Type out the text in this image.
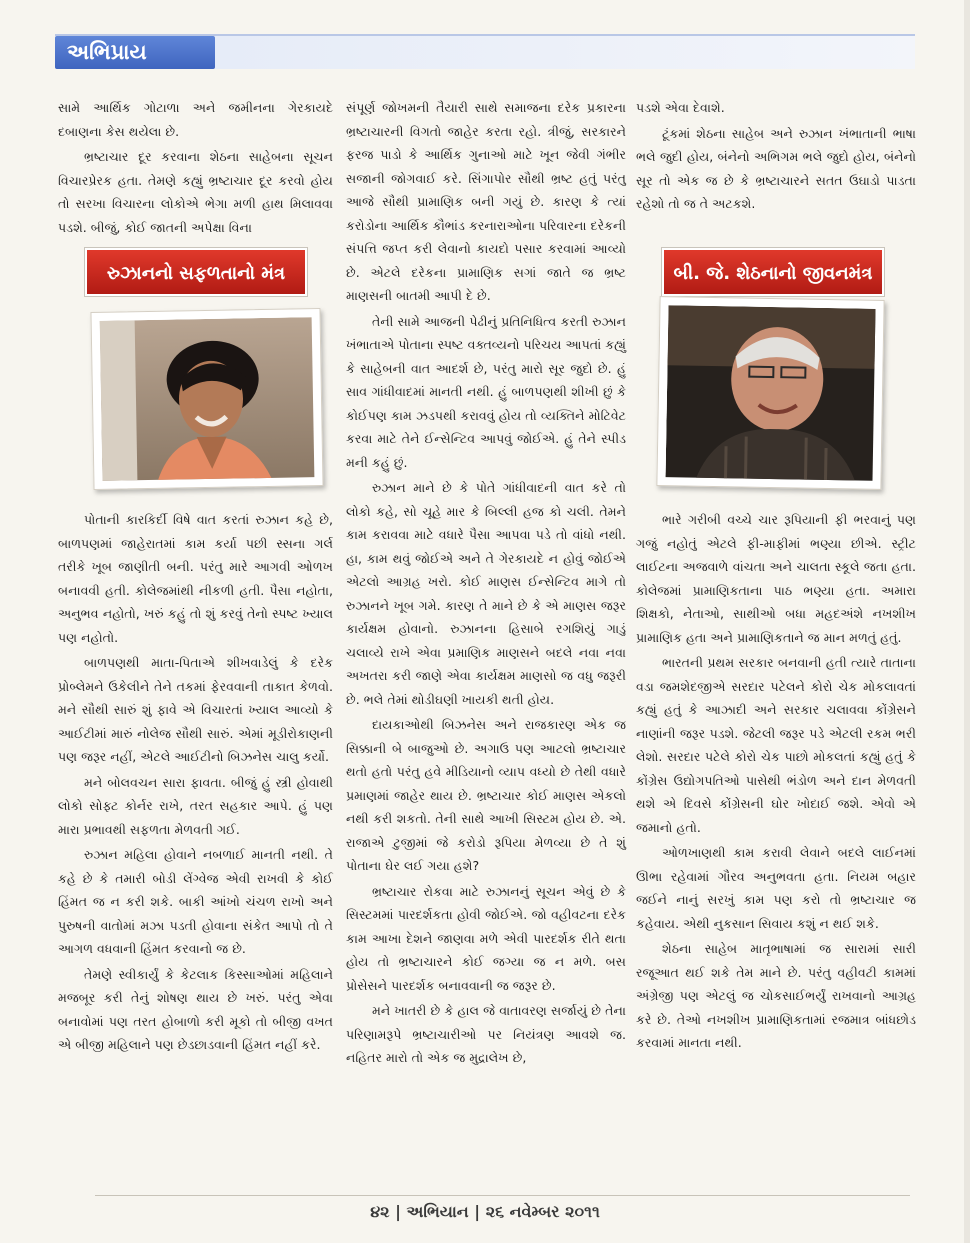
અભિપ્રાય

સામે આર્થિક ગોટાળા અને જમીનના ગેરકાયદે દબાણના કેસ થયેલા છે.

ભ્રષ્ટાચાર દૂર કરવાના શેઠના સાહેબના સૂચન વિચારપ્રેરક હતા. તેમણે કહ્યું ભ્રષ્ટાચાર દૂર કરવો હોય તો સરખા વિચારના લોકોએ ભેગા મળી હાથ મિલાવવા પડશે. બીજું, કોઈ જાતની અપેક્ષા વિના

રુઝાનનો સફળતાનો મંત્ર

પોતાની કારકિર્દી વિષે વાત કરતાં રુઝાન કહે છે, બાળપણમાં જાહેરાતમાં કામ કર્યા પછી સ્સના ગર્લ તરીકે ખૂબ જાણીતી બની. પરંતુ મારે આગવી ઓળખ બનાવવી હતી. કોલેજમાંથી નીકળી હતી. પૈસા નહોતા, અનુભવ નહોતો, ખરું કહું તો શું કરવું તેનો સ્પષ્ટ ખ્યાલ પણ નહોતો.

બાળપણથી માતા-પિતાએ શીખવાડેલું કે દરેક પ્રોબ્લેમને ઉકેલીને તેને તકમાં ફેરવવાની તાકાત કેળવો. મને સૌથી સારું શું ફાવે એ વિચારતાં ખ્યાલ આવ્યો કે આઈટીમાં મારું નોલેજ સૌથી સારું. એમાં મૂડીરોકાણની પણ જરૂર નહીં, એટલે આઈટીનો બિઝનેસ ચાલુ કર્યો.

મને બોલવચન સારા ફાવતા. બીજું હું સ્ત્રી હોવાથી લોકો સોફ્ટ કોર્નર રાખે, તરત સહકાર આપે. હું પણ મારા પ્રભાવથી સફળતા મેળવતી ગઈ.

રુઝાન મહિલા હોવાને નબળાઈ માનતી નથી. તે કહે છે કે તમારી બોડી લેંગ્વેજ એવી રાખવી કે કોઈ હિંમત જ ન કરી શકે. બાકી આંખો ચંચળ રાખો અને પુરુષની વાતોમાં મઝા પડતી હોવાના સંકેત આપો તો તે આગળ વધવાની હિંમત કરવાનો જ છે.

તેમણે સ્વીકાર્યું કે કેટલાક કિસ્સાઓમાં મહિલાને મજબૂર કરી તેનું શોષણ થાય છે ખરું. પરંતુ એવા બનાવોમાં પણ તરત હોબાળો કરી મૂકો તો બીજી વખત એ બીજી મહિલાને પણ છેડછાડવાની હિંમત નહીં કરે.

સંપૂર્ણ જોખમની તૈયારી સાથે સમાજના દરેક પ્રકારના ભ્રષ્ટાચારની વિગતો જાહેર કરતા રહો. ત્રીજું, સરકારને ફરજ પાડો કે આર્થિક ગુનાઓ માટે ખૂન જેવી ગંભીર સજાની જોગવાઈ કરે. સિંગાપોર સૌથી ભ્રષ્ટ હતું પરંતુ આજે સૌથી પ્રામાણિક બની ગયું છે. કારણ કે ત્યાં કરોડોના આર્થિક કૌભાંડ કરનારાઓના પરિવારના દરેકની સંપત્તિ જપ્ત કરી લેવાનો કાયદો પસાર કરવામાં આવ્યો છે. એટલે દરેકના પ્રામાણિક સગાં જાતે જ ભ્રષ્ટ માણસની બાતમી આપી દે છે.

તેની સામે આજની પેઢીનું પ્રતિનિધિત્વ કરતી રુઝાન ખંભાતાએ પોતાના સ્પષ્ટ વક્તવ્યનો પરિચય આપતાં કહ્યું કે સાહેબની વાત આદર્શ છે, પરંતુ મારો સૂર જુદો છે. હું સાવ ગાંધીવાદમાં માનતી નથી. હું બાળપણથી શીખી છું કે કોઈપણ કામ ઝડપથી કરાવવું હોય તો વ્યક્તિને મોટિવેટ કરવા માટે તેને ઈન્સેન્ટિવ આપવું જોઈએ. હું તેને સ્પીડ મની કહું છું.

રુઝાન માને છે કે પોતે ગાંધીવાદની વાત કરે તો લોકો કહે, સો ચૂહે માર કે બિલ્લી હજ કો ચલી. તેમને કામ કરાવવા માટે વધારે પૈસા આપવા પડે તો વાંધો નથી. હા, કામ થવું જોઈએ અને તે ગેરકાયદે ન હોવું જોઈએ એટલો આગ્રહ ખરો. કોઈ માણસ ઈન્સેન્ટિવ માગે તો રુઝાનને ખૂબ ગમે. કારણ તે માને છે કે એ માણસ જરૂર કાર્યક્ષમ હોવાનો. રુઝાનના હિસાબે રગશિયું ગાડું ચલાવ્યે રાખે એવા પ્રમાણિક માણસને બદલે નવા નવા અખતરા કરી જાણે એવા કાર્યક્ષમ માણસો જ વધુ જરૂરી છે. ભલે તેમાં થોડીઘણી ખાયકી થતી હોય.

દાયકાઓથી બિઝનેસ અને રાજકારણ એક જ સિક્કાની બે બાજુઓ છે. અગાઉ પણ આટલો ભ્રષ્ટાચાર થતો હતો પરંતુ હવે મીડિયાનો વ્યાપ વધ્યો છે તેથી વધારે પ્રમાણમાં જાહેર થાય છે. ભ્રષ્ટાચાર કોઈ માણસ એકલો નથી કરી શકતો. તેની સાથે આખી સિસ્ટમ હોય છે. એ. રાજાએ ટુજીમાં જે કરોડો રૂપિયા મેળવ્યા છે તે શું પોતાના ઘેર લઈ ગયા હશે?

ભ્રષ્ટાચાર રોકવા માટે રુઝાનનું સૂચન એવું છે કે સિસ્ટમમાં પારદર્શકતા હોવી જોઈએ. જો વહીવટના દરેક કામ આખા દેશને જાણવા મળે એવી પારદર્શક રીતે થતા હોય તો ભ્રષ્ટાચારને કોઈ જગ્યા જ ન મળે. બસ પ્રોસેસને પારદર્શક બનાવવાની જ જરૂર છે.

મને ખાતરી છે કે હાલ જે વાતાવરણ સર્જાયું છે તેના પરિણામરૂપે ભ્રષ્ટાચારીઓ પર નિયંત્રણ આવશે જ. નહિતર મારો તો એક જ મુદ્રાલેખ છે,

પડશે એવા દેવાશે.

ટૂંકમાં શેઠના સાહેબ અને રુઝાન ખંભાતાની ભાષા ભલે જુદી હોય, બંનેનો અભિગમ ભલે જુદો હોય, બંનેનો સૂર તો એક જ છે કે ભ્રષ્ટાચારને સતત ઉઘાડો પાડતા રહેશો તો જ તે અટકશે.

બી. જે. શેઠનાનો જીવનમંત્ર

ભારે ગરીબી વચ્ચે ચાર રૂપિયાની ફી ભરવાનું પણ ગજું નહોતું એટલે ફી-માફીમાં ભણ્યા છીએ. સ્ટ્રીટ લાઈટના અજવાળે વાંચતા અને ચાલતા સ્કૂલે જતા હતા. કોલેજમાં પ્રામાણિકતાના પાઠ ભણ્યા હતા. અમારા શિક્ષકો, નેતાઓ, સાથીઓ બધા મહદઅંશે નખશીખ પ્રામાણિક હતા અને પ્રામાણિકતાને જ માન મળતું હતું.

ભારતની પ્રથમ સરકાર બનવાની હતી ત્યારે તાતાના વડા જમશેદજીએ સરદાર પટેલને કોરો ચેક મોકલાવતાં કહ્યું હતું કે આઝાદી અને સરકાર ચલાવવા કોંગ્રેસને નાણાંની જરૂર પડશે. જેટલી જરૂર પડે એટલી રકમ ભરી લેશો. સરદાર પટેલે કોરો ચેક પાછો મોકલતાં કહ્યું હતું કે કોંગ્રેસ ઉદ્યોગપતિઓ પાસેથી ભંડોળ અને દાન મેળવતી થશે એ દિવસે કોંગ્રેસની ઘોર ખોદાઈ જશે. એવો એ જમાનો હતો.

ઓળખાણથી કામ કરાવી લેવાને બદલે લાઈનમાં ઊભા રહેવામાં ગૌરવ અનુભવતા હતા. નિયમ બહાર જઈને નાનું સરખું કામ પણ કરો તો ભ્રષ્ટાચાર જ કહેવાય. એથી નુકસાન સિવાય કશું ન થઈ શકે.

શેઠના સાહેબ માતૃભાષામાં જ સારામાં સારી રજૂઆત થઈ શકે તેમ માને છે. પરંતુ વહીવટી કામમાં અંગ્રેજી પણ એટલું જ ચોકસાઈભર્યું રાખવાનો આગ્રહ કરે છે. તેઓ નખશીખ પ્રામાણિકતામાં રજમાત્ર બાંધછોડ કરવામાં માનતા નથી.

૪૨ | અભિયાન | ૨૬ નવેમ્બર ૨૦૧૧
